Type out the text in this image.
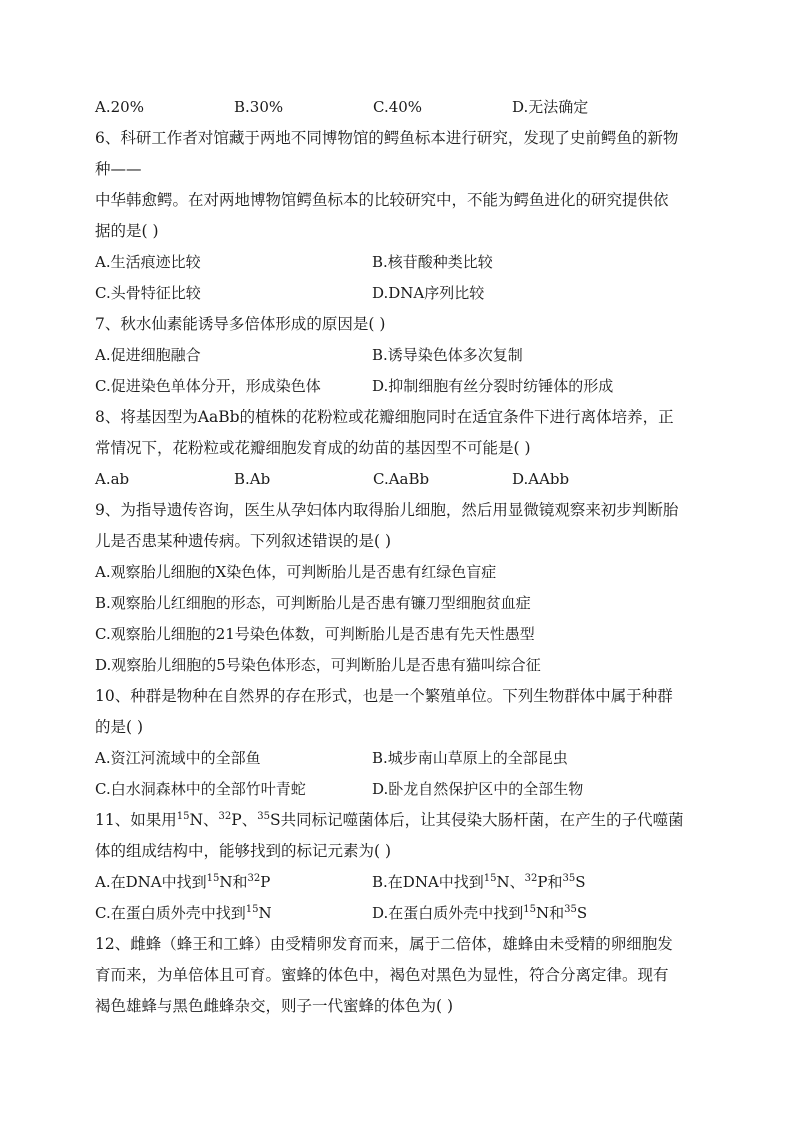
A.20%	B.30%	C.40%	D.无法确定
6、科研工作者对馆藏于两地不同博物馆的鳄鱼标本进行研究，发现了史前鳄鱼的新物
种——
中华韩愈鳄。在对两地博物馆鳄鱼标本的比较研究中，不能为鳄鱼进化的研究提供依
据的是( )
A.生活痕迹比较	B.核苷酸种类比较
C.头骨特征比较	D.DNA序列比较
7、秋水仙素能诱导多倍体形成的原因是( )
A.促进细胞融合	B.诱导染色体多次复制
C.促进染色单体分开，形成染色体	D.抑制细胞有丝分裂时纺锤体的形成
8、将基因型为AaBb的植株的花粉粒或花瓣细胞同时在适宜条件下进行离体培养，正
常情况下，花粉粒或花瓣细胞发育成的幼苗的基因型不可能是( )
A.ab	B.Ab	C.AaBb	D.AAbb
9、为指导遗传咨询，医生从孕妇体内取得胎儿细胞，然后用显微镜观察来初步判断胎
儿是否患某种遗传病。下列叙述错误的是( )
A.观察胎儿细胞的X染色体，可判断胎儿是否患有红绿色盲症
B.观察胎儿红细胞的形态，可判断胎儿是否患有镰刀型细胞贫血症
C.观察胎儿细胞的21号染色体数，可判断胎儿是否患有先天性愚型
D.观察胎儿细胞的5号染色体形态，可判断胎儿是否患有猫叫综合征
10、种群是物种在自然界的存在形式，也是一个繁殖单位。下列生物群体中属于种群
的是( )
A.资江河流域中的全部鱼	B.城步南山草原上的全部昆虫
C.白水洞森林中的全部竹叶青蛇	D.卧龙自然保护区中的全部生物
11、如果用$^{15}$N、$^{32}$P、$^{35}$S共同标记噬菌体后，让其侵染大肠杆菌，在产生的子代噬菌
体的组成结构中，能够找到的标记元素为( )
A.在DNA中找到$^{15}$N和$^{32}$P	B.在DNA中找到$^{15}$N、$^{32}$P和$^{35}$S
C.在蛋白质外壳中找到$^{15}$N	D.在蛋白质外壳中找到$^{15}$N和$^{35}$S
12、雌蜂（蜂王和工蜂）由受精卵发育而来，属于二倍体，雄蜂由未受精的卵细胞发
育而来，为单倍体且可育。蜜蜂的体色中，褐色对黑色为显性，符合分离定律。现有
褐色雄蜂与黑色雌蜂杂交，则子一代蜜蜂的体色为( )
